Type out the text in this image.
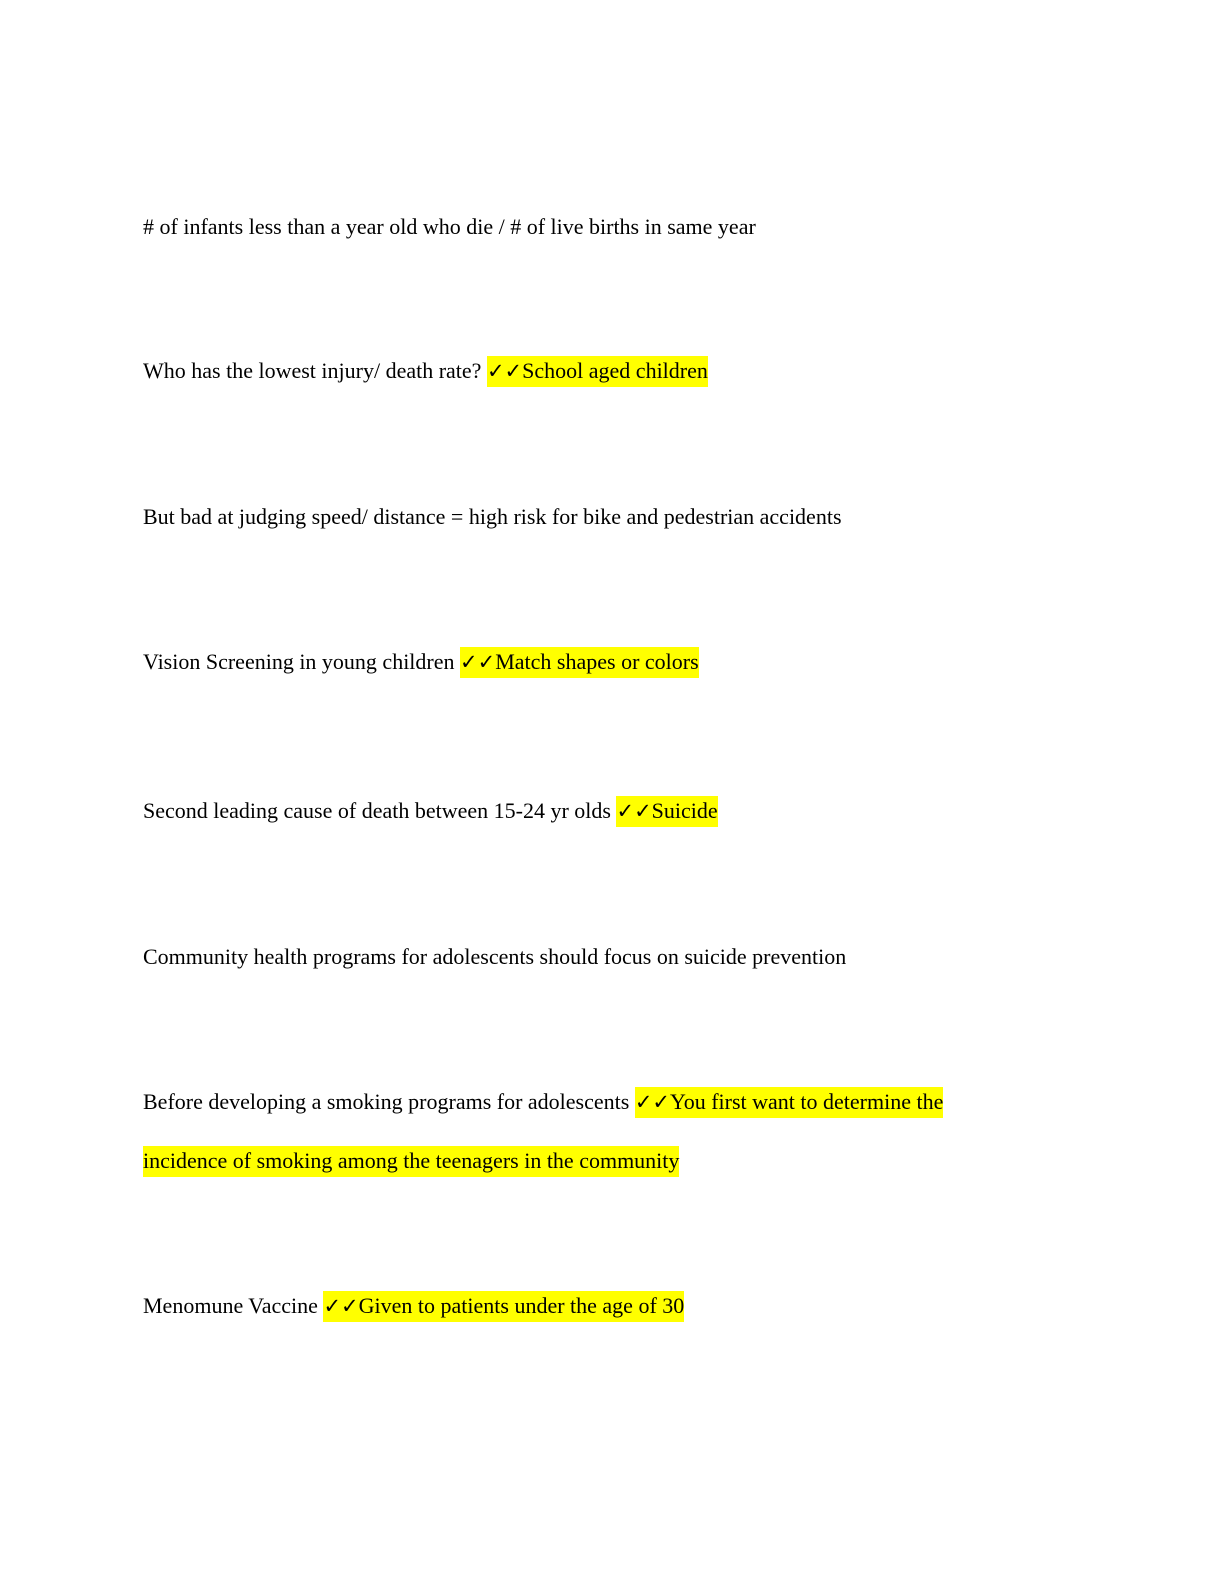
# of infants less than a year old who die / # of live births in same year
Who has the lowest injury/ death rate? ✓✓School aged children
But bad at judging speed/ distance = high risk for bike and pedestrian accidents
Vision Screening in young children ✓✓Match shapes or colors
Second leading cause of death between 15-24 yr olds ✓✓Suicide
Community health programs for adolescents should focus on suicide prevention
Before developing a smoking programs for adolescents ✓✓You first want to determine the
incidence of smoking among the teenagers in the community
Menomune Vaccine ✓✓Given to patients under the age of 30
